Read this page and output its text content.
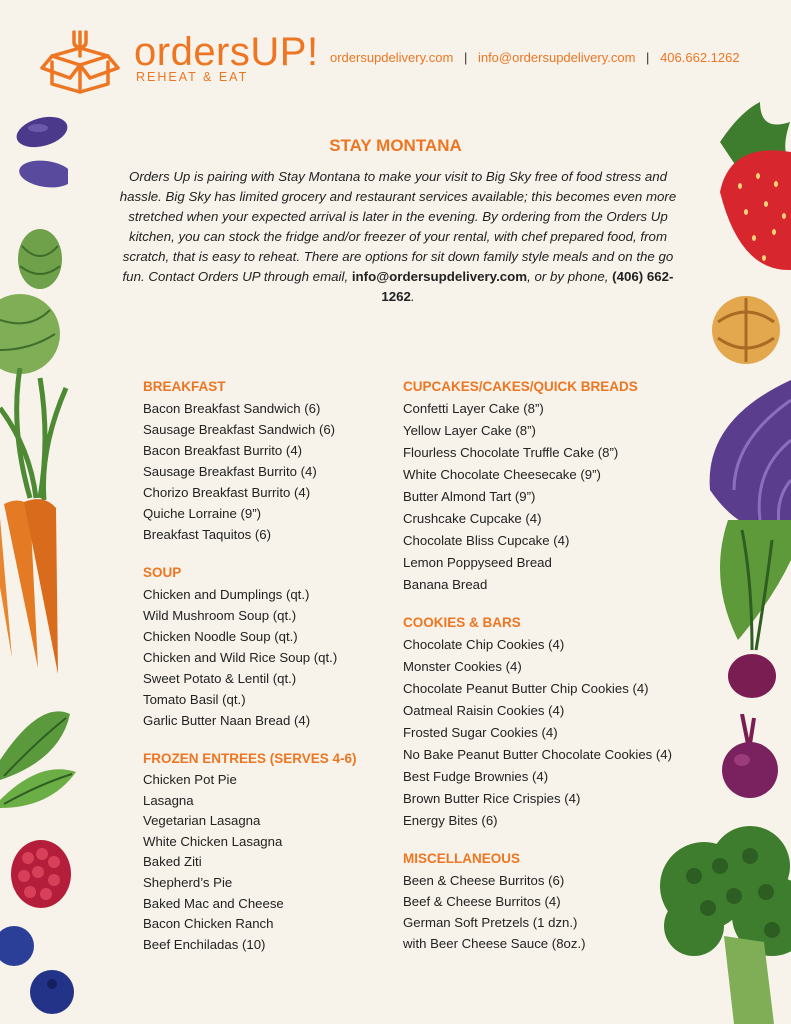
ordersUP!
REHEAT & EAT
ordersupdelivery.com | info@ordersupdelivery.com | 406.662.1262
STAY MONTANA
Orders Up is pairing with Stay Montana to make your visit to Big Sky free of food stress and hassle. Big Sky has limited grocery and restaurant services available; this becomes even more stretched when your expected arrival is later in the evening. By ordering from the Orders Up kitchen, you can stock the fridge and/or freezer of your rental, with chef prepared food, from scratch, that is easy to reheat. There are options for sit down family style meals and on the go fun. Contact Orders UP through email, info@ordersupdelivery.com, or by phone, (406) 662-1262.
BREAKFAST
Bacon Breakfast Sandwich (6)
Sausage Breakfast Sandwich (6)
Bacon Breakfast Burrito (4)
Sausage Breakfast Burrito (4)
Chorizo Breakfast Burrito (4)
Quiche Lorraine (9”)
Breakfast Taquitos (6)
SOUP
Chicken and Dumplings (qt.)
Wild Mushroom Soup (qt.)
Chicken Noodle Soup (qt.)
Chicken and Wild Rice Soup (qt.)
Sweet Potato & Lentil (qt.)
Tomato Basil (qt.)
Garlic Butter Naan Bread (4)
FROZEN ENTREES (SERVES 4-6)
Chicken Pot Pie
Lasagna
Vegetarian Lasagna
White Chicken Lasagna
Baked Ziti
Shepherd’s Pie
Baked Mac and Cheese
Bacon Chicken Ranch
Beef Enchiladas (10)
CUPCAKES/CAKES/QUICK BREADS
Confetti Layer Cake (8”)
Yellow Layer Cake (8”)
Flourless Chocolate Truffle Cake (8”)
White Chocolate Cheesecake (9”)
Butter Almond Tart (9”)
Crushcake Cupcake (4)
Chocolate Bliss Cupcake (4)
Lemon Poppyseed Bread
Banana Bread
COOKIES & BARS
Chocolate Chip Cookies (4)
Monster Cookies (4)
Chocolate Peanut Butter Chip Cookies (4)
Oatmeal Raisin Cookies (4)
Frosted Sugar Cookies (4)
No Bake Peanut Butter Chocolate Cookies (4)
Best Fudge Brownies (4)
Brown Butter Rice Crispies (4)
Energy Bites (6)
MISCELLANEOUS
Been & Cheese Burritos (6)
Beef & Cheese Burritos (4)
German Soft Pretzels (1 dzn.)
with Beer Cheese Sauce (8oz.)
